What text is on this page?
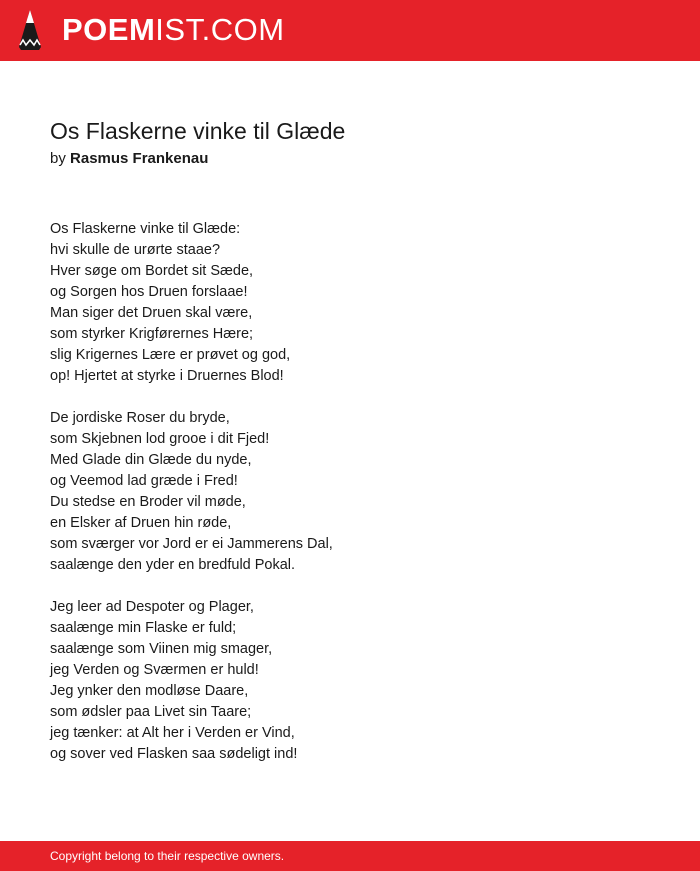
POEMIST.COM
Os Flaskerne vinke til Glæde
by Rasmus Frankenau
Os Flaskerne vinke til Glæde:
hvi skulle de urørte staae?
Hver søge om Bordet sit Sæde,
og Sorgen hos Druen forslaae!
Man siger det Druen skal være,
som styrker Krigførernes Hære;
slig Krigernes Lære er prøvet og god,
op! Hjertet at styrke i Druernes Blod!
De jordiske Roser du bryde,
som Skjebnen lod grooe i dit Fjed!
Med Glade din Glæde du nyde,
og Veemod lad græde i Fred!
Du stedse en Broder vil møde,
en Elsker af Druen hin røde,
som sværger vor Jord er ei Jammerens Dal,
saalænge den yder en bredfuld Pokal.
Jeg leer ad Despoter og Plager,
saalænge min Flaske er fuld;
saalænge som Viinen mig smager,
jeg Verden og Sværmen er huld!
Jeg ynker den modløse Daare,
som ødsler paa Livet sin Taare;
jeg tænker: at Alt her i Verden er Vind,
og sover ved Flasken saa sødeligt ind!
Copyright belong to their respective owners.
